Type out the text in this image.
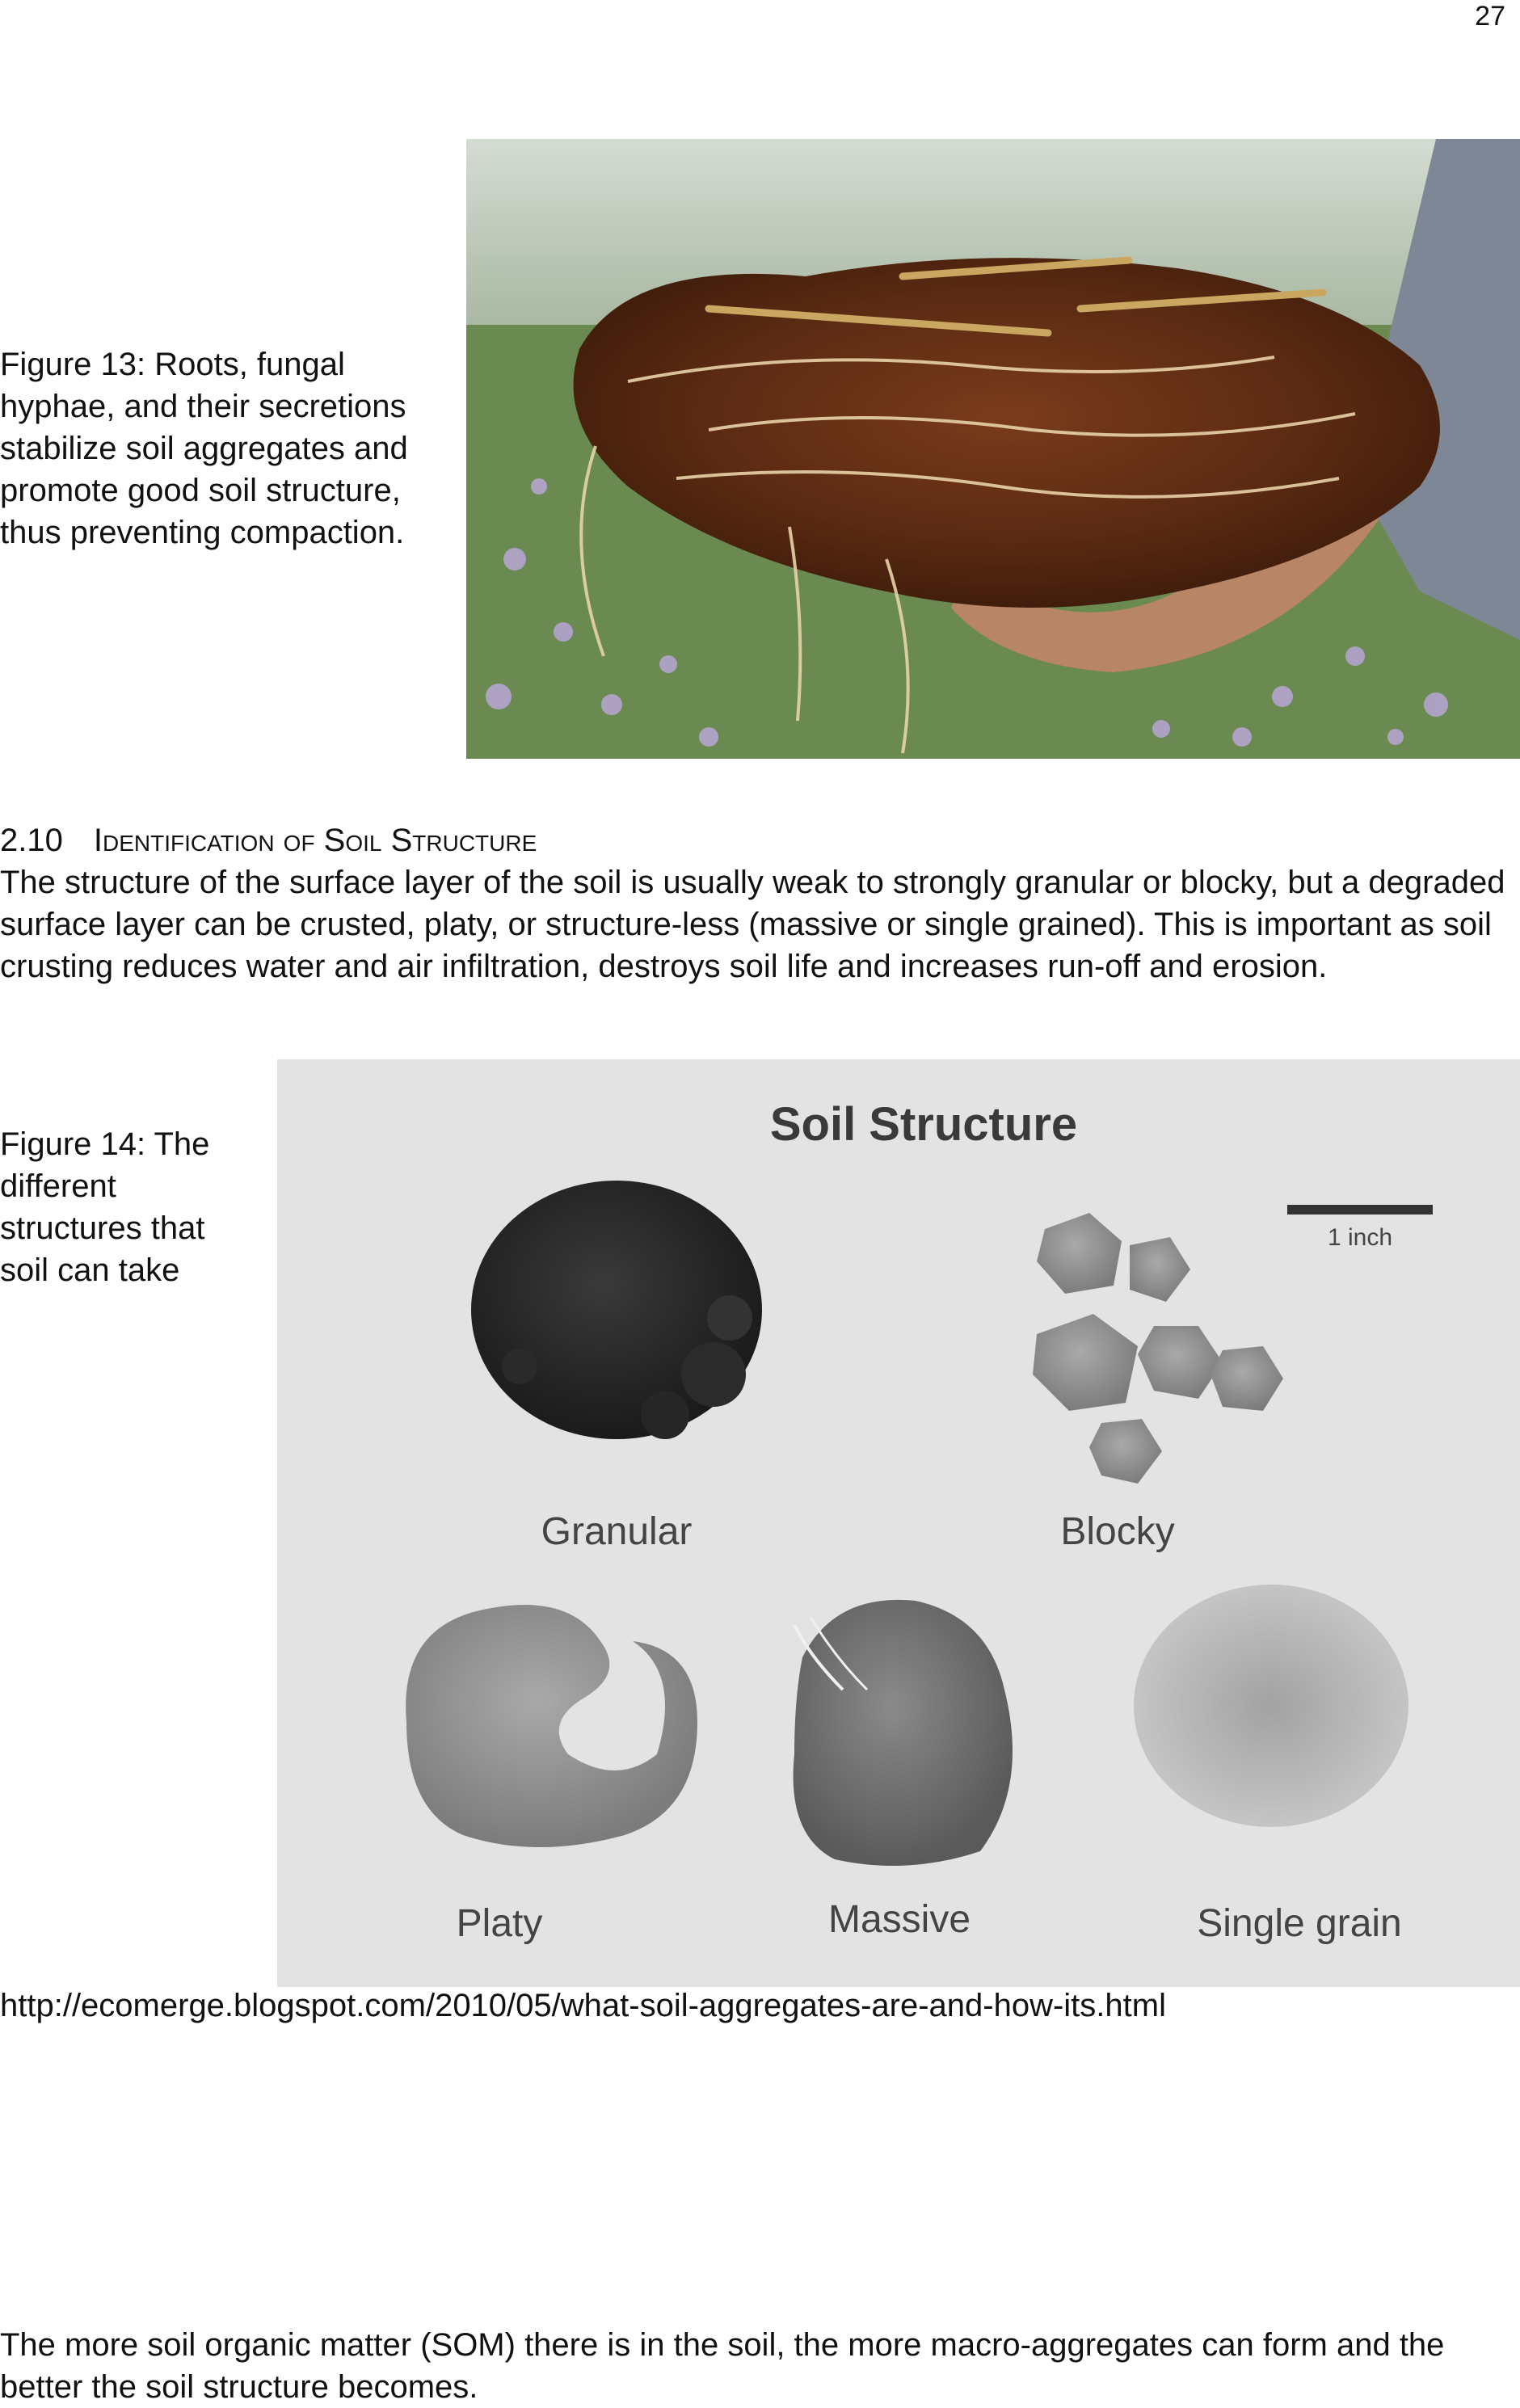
27
Figure 13: Roots, fungal hyphae, and their secretions stabilize soil aggregates and promote good soil structure, thus preventing compaction.
2.10 Identification of Soil Structure
The structure of the surface layer of the soil is usually weak to strongly granular or blocky, but a degraded surface layer can be crusted, platy, or structure-less (massive or single grained). This is important as soil crusting reduces water and air infiltration, destroys soil life and increases run-off and erosion.
Figure 14: The different structures that soil can take
Soil Structure
1 inch
Granular	Blocky
Platy	Massive	Single grain
http://ecomerge.blogspot.com/2010/05/what-soil-aggregates-are-and-how-its.html
The more soil organic matter (SOM) there is in the soil, the more macro-aggregates can form and the better the soil structure becomes.
